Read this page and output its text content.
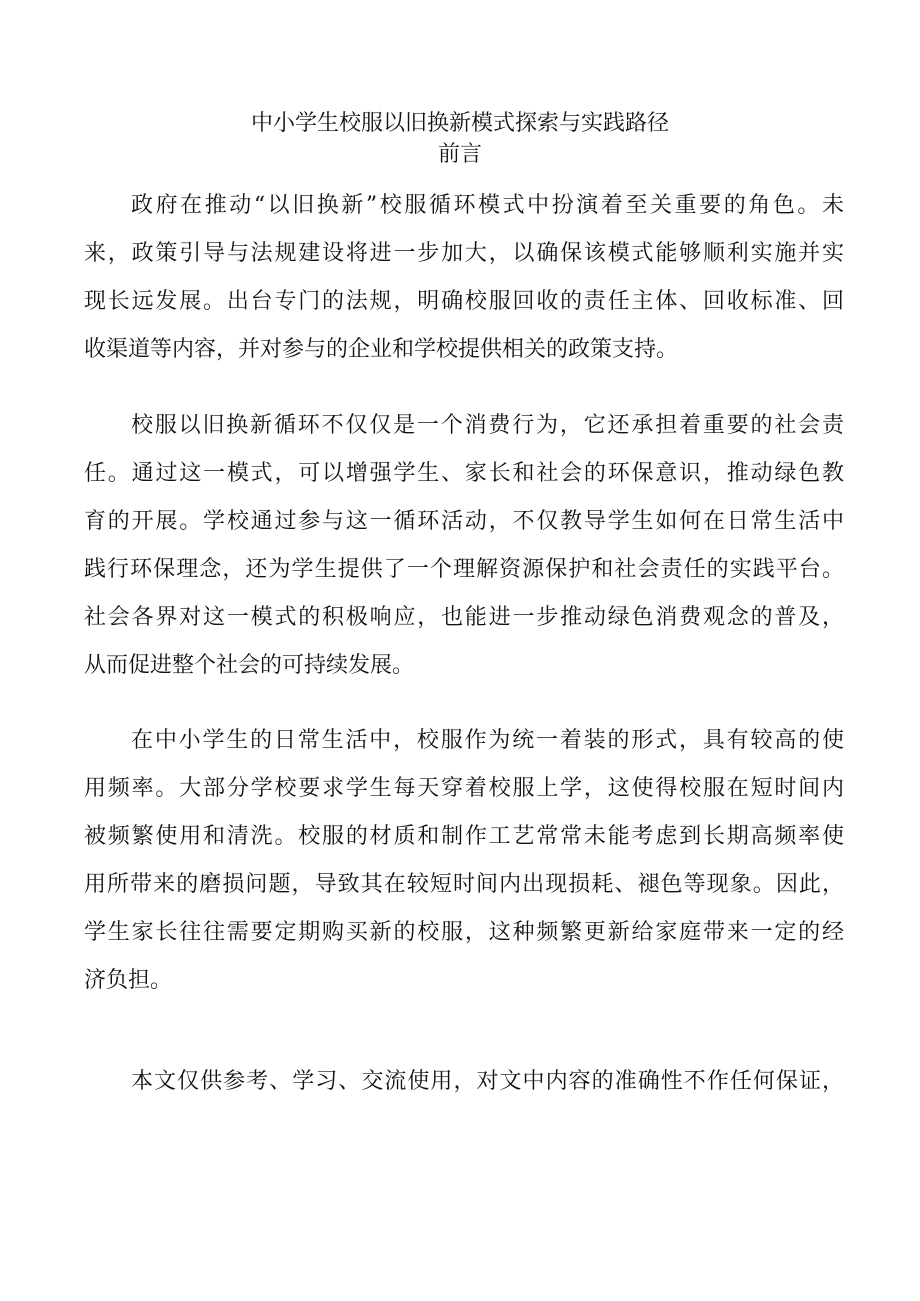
中小学生校服以旧换新模式探索与实践路径
前言
政府在推动“以旧换新”校服循环模式中扮演着至关重要的角色。未
来，政策引导与法规建设将进一步加大，以确保该模式能够顺利实施并实
现长远发展。出台专门的法规，明确校服回收的责任主体、回收标准、回
收渠道等内容，并对参与的企业和学校提供相关的政策支持。
校服以旧换新循环不仅仅是一个消费行为，它还承担着重要的社会责
任。通过这一模式，可以增强学生、家长和社会的环保意识，推动绿色教
育的开展。学校通过参与这一循环活动，不仅教导学生如何在日常生活中
践行环保理念，还为学生提供了一个理解资源保护和社会责任的实践平台。
社会各界对这一模式的积极响应，也能进一步推动绿色消费观念的普及，
从而促进整个社会的可持续发展。
在中小学生的日常生活中，校服作为统一着装的形式，具有较高的使
用频率。大部分学校要求学生每天穿着校服上学，这使得校服在短时间内
被频繁使用和清洗。校服的材质和制作工艺常常未能考虑到长期高频率使
用所带来的磨损问题，导致其在较短时间内出现损耗、褪色等现象。因此，
学生家长往往需要定期购买新的校服，这种频繁更新给家庭带来一定的经
济负担。
本文仅供参考、学习、交流使用，对文中内容的准确性不作任何保证，
